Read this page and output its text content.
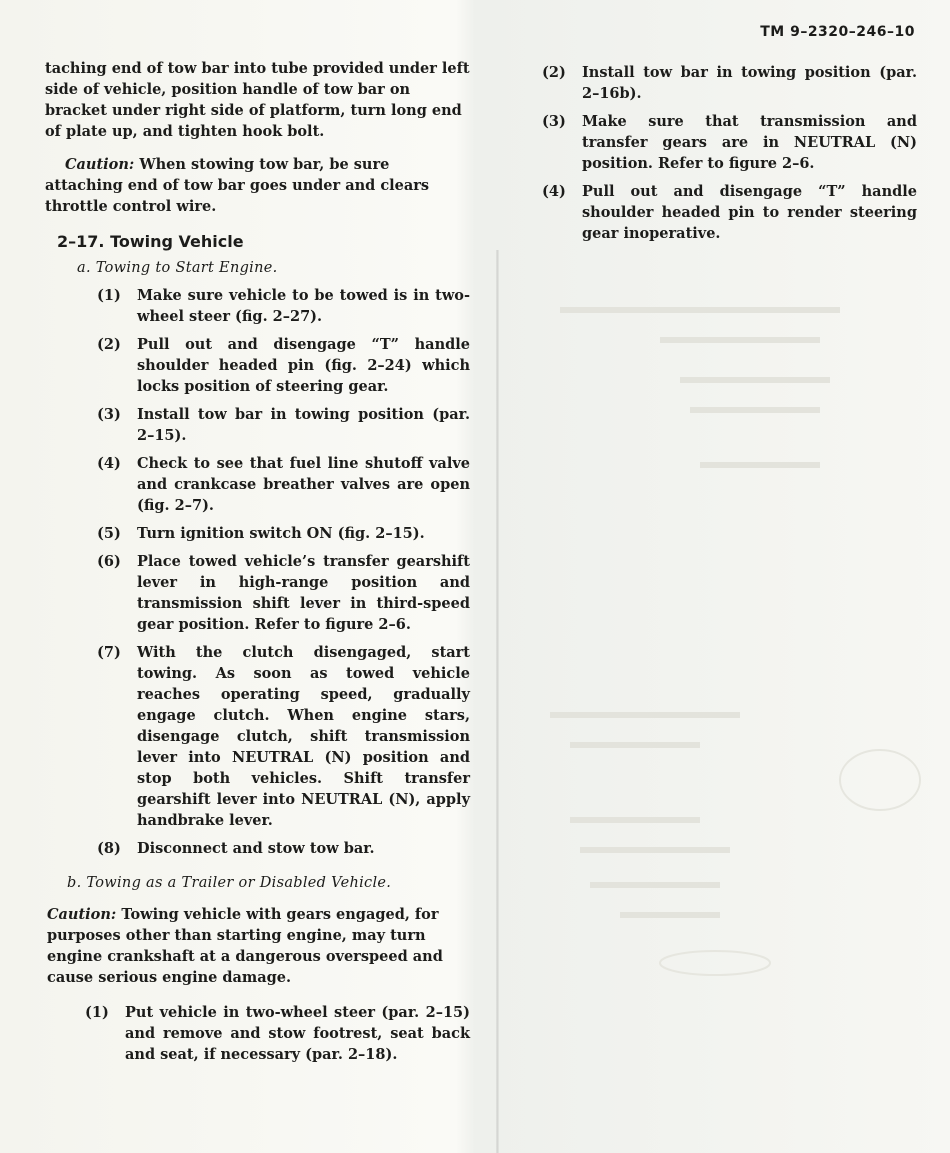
TM 9–2320–246–10

taching end of tow bar into tube provided under left side of vehicle, position handle of tow bar on bracket under right side of platform, turn long end of plate up, and tighten hook bolt.

Caution: When stowing tow bar, be sure attaching end of tow bar goes under and clears throttle control wire.

2–17. Towing Vehicle
a. Towing to Start Engine.
(1)	Make sure vehicle to be towed is in two-wheel steer (fig. 2–27).
(2)	Pull out and disengage “T” handle shoulder headed pin (fig. 2–24) which locks position of steering gear.
(3)	Install tow bar in towing position (par. 2–15).
(4)	Check to see that fuel line shutoff valve and crankcase breather valves are open (fig. 2–7).
(5)	Turn ignition switch ON (fig. 2–15).
(6)	Place towed vehicle’s transfer gearshift lever in high-range position and transmission shift lever in third-speed gear position. Refer to figure 2–6.
(7)	With the clutch disengaged, start towing. As soon as towed vehicle reaches operating speed, gradually engage clutch. When engine stars, disengage clutch, shift transmission lever into NEUTRAL (N) position and stop both vehicles. Shift transfer gearshift lever into NEUTRAL (N), apply handbrake lever.
(8)	Disconnect and stow tow bar.
b. Towing as a Trailer or Disabled Vehicle.

Caution: Towing vehicle with gears engaged, for purposes other than starting engine, may turn engine crankshaft at a dangerous overspeed and cause serious engine damage.

(1)	Put vehicle in two-wheel steer (par. 2–15) and remove and stow footrest, seat back and seat, if necessary (par. 2–18).
(2)	Install tow bar in towing position (par. 2–16b).
(3)	Make sure that transmission and transfer gears are in NEUTRAL (N) position. Refer to figure 2–6.
(4)	Pull out and disengage “T” handle shoulder headed pin to render steering gear inoperative.
